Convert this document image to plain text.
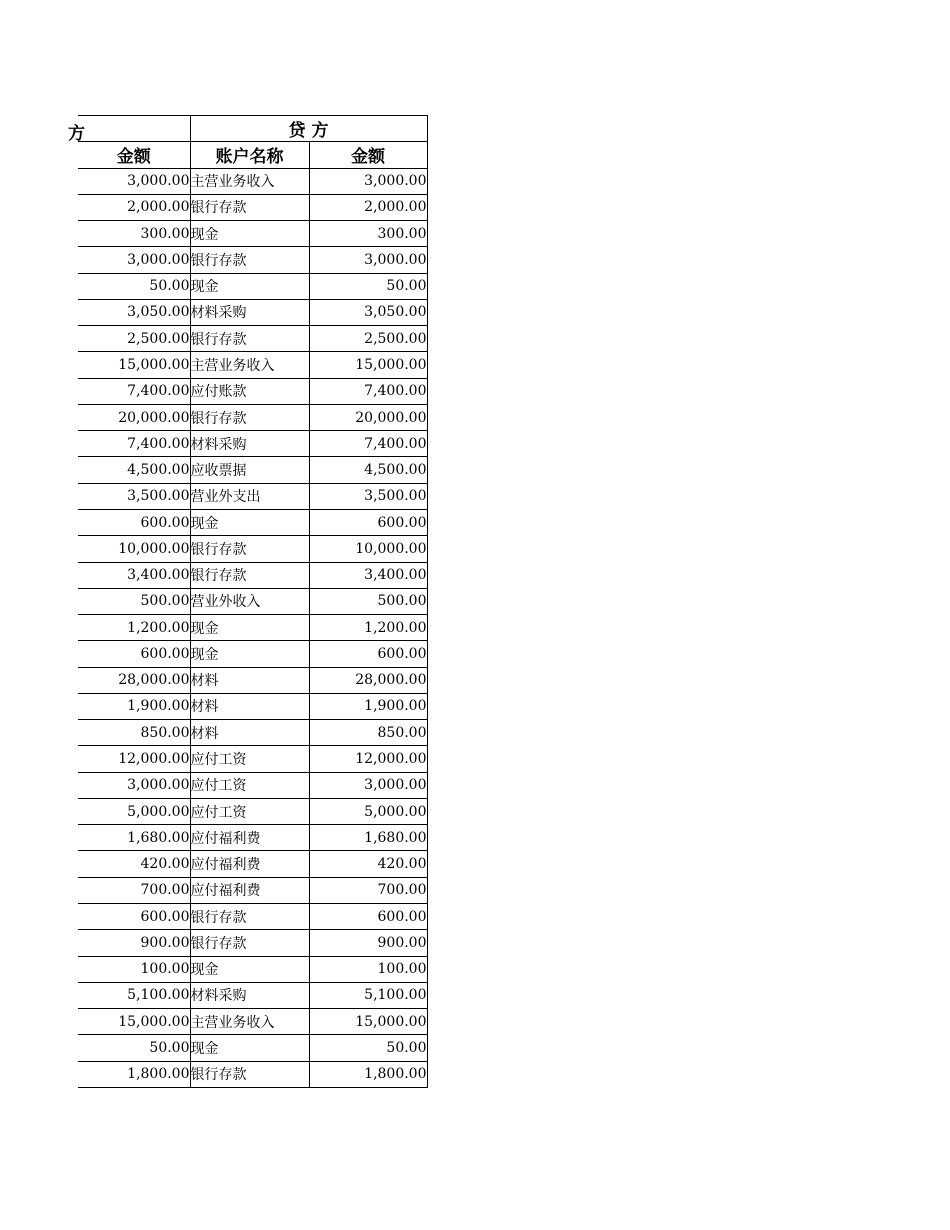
方	贷 方	
金额	账户名称	金额
3,000.00	主营业务收入	3,000.00
2,000.00	银行存款	2,000.00
300.00	现金	300.00
3,000.00	银行存款	3,000.00
50.00	现金	50.00
3,050.00	材料采购	3,050.00
2,500.00	银行存款	2,500.00
15,000.00	主营业务收入	15,000.00
7,400.00	应付账款	7,400.00
20,000.00	银行存款	20,000.00
7,400.00	材料采购	7,400.00
4,500.00	应收票据	4,500.00
3,500.00	营业外支出	3,500.00
600.00	现金	600.00
10,000.00	银行存款	10,000.00
3,400.00	银行存款	3,400.00
500.00	营业外收入	500.00
1,200.00	现金	1,200.00
600.00	现金	600.00
28,000.00	材料	28,000.00
1,900.00	材料	1,900.00
850.00	材料	850.00
12,000.00	应付工资	12,000.00
3,000.00	应付工资	3,000.00
5,000.00	应付工资	5,000.00
1,680.00	应付福利费	1,680.00
420.00	应付福利费	420.00
700.00	应付福利费	700.00
600.00	银行存款	600.00
900.00	银行存款	900.00
100.00	现金	100.00
5,100.00	材料采购	5,100.00
15,000.00	主营业务收入	15,000.00
50.00	现金	50.00
1,800.00	银行存款	1,800.00
